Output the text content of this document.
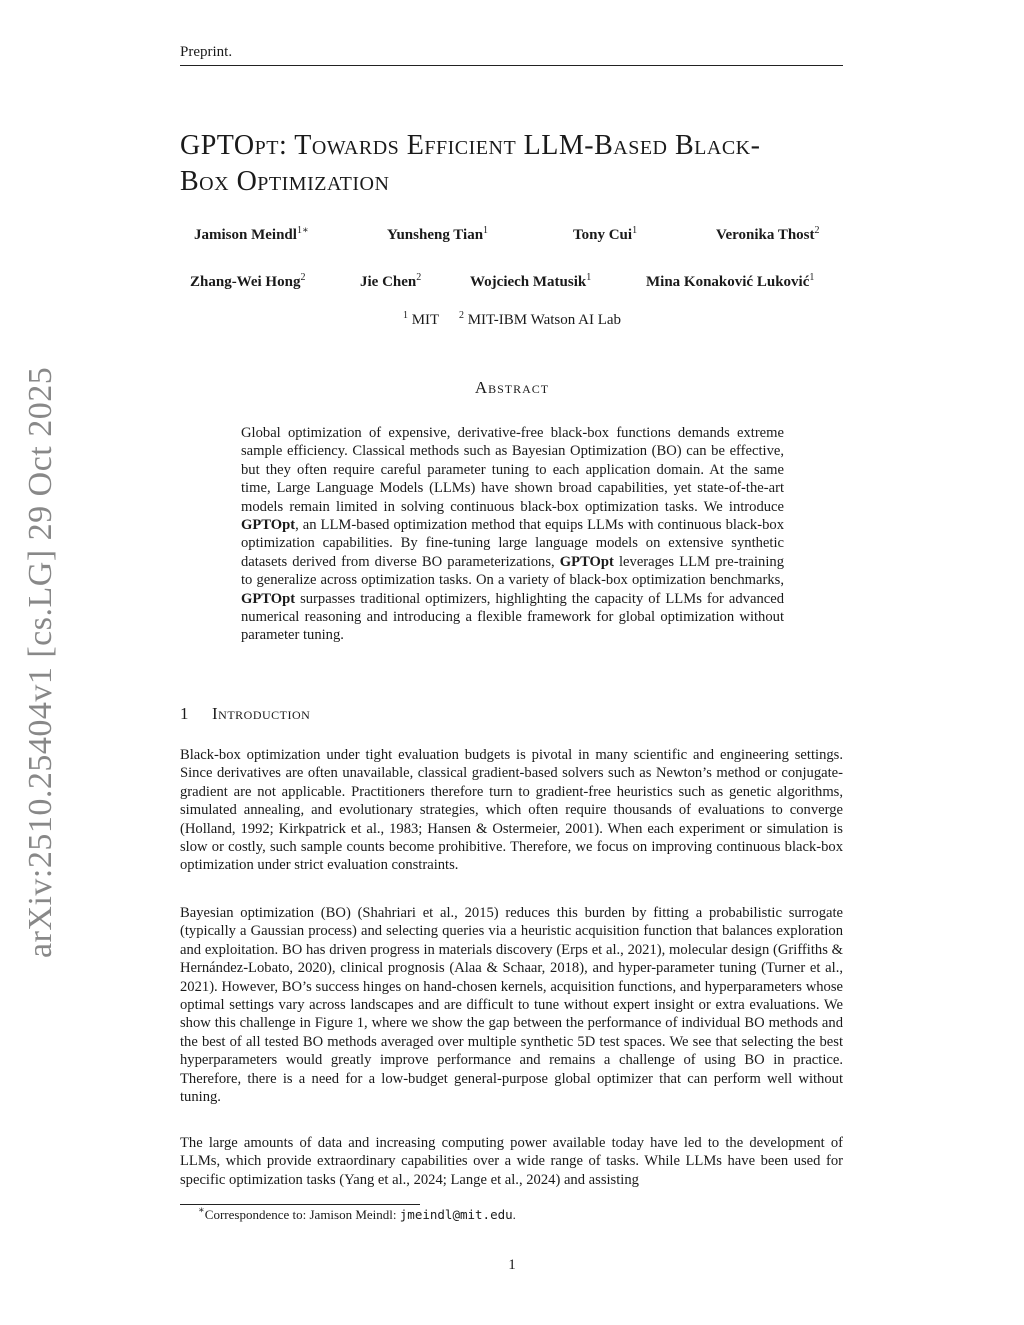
Preprint.
arXiv:2510.25404v1 [cs.LG] 29 Oct 2025
GPTOpt: Towards Efficient LLM-Based Black-
Box Optimization
Jamison Meindl$^{1∗}$	Yunsheng Tian$^1$	Tony Cui$^1$	Veronika Thost$^2$
Zhang-Wei Hong$^2$	Jie Chen$^2$	Wojciech Matusik$^1$	Mina Konaković Luković$^1$
$^1$ MIT $^2$ MIT-IBM Watson AI Lab
Abstract
Global optimization of expensive, derivative-free black-box functions demands extreme sample efficiency. Classical methods such as Bayesian Optimization (BO) can be effective, but they often require careful parameter tuning to each application domain. At the same time, Large Language Models (LLMs) have shown broad capabilities, yet state-of-the-art models remain limited in solving continuous black-box optimization tasks. We introduce GPTOpt, an LLM-based optimization method that equips LLMs with continuous black-box optimization capabilities. By fine-tuning large language models on extensive synthetic datasets derived from diverse BO parameterizations, GPTOpt leverages LLM pre-training to generalize across optimization tasks. On a variety of black-box optimization benchmarks, GPTOpt surpasses traditional optimizers, highlighting the capacity of LLMs for advanced numerical reasoning and introducing a flexible framework for global optimization without parameter tuning.
1 Introduction
Black-box optimization under tight evaluation budgets is pivotal in many scientific and engineering settings. Since derivatives are often unavailable, classical gradient-based solvers such as Newton’s method or conjugate-gradient are not applicable. Practitioners therefore turn to gradient-free heuristics such as genetic algorithms, simulated annealing, and evolutionary strategies, which often require thousands of evaluations to converge (Holland, 1992; Kirkpatrick et al., 1983; Hansen & Ostermeier, 2001). When each experiment or simulation is slow or costly, such sample counts become prohibitive. Therefore, we focus on improving continuous black-box optimization under strict evaluation constraints.
Bayesian optimization (BO) (Shahriari et al., 2015) reduces this burden by fitting a probabilistic surrogate (typically a Gaussian process) and selecting queries via a heuristic acquisition function that balances exploration and exploitation. BO has driven progress in materials discovery (Erps et al., 2021), molecular design (Griffiths & Hernández-Lobato, 2020), clinical prognosis (Alaa & Schaar, 2018), and hyper-parameter tuning (Turner et al., 2021). However, BO’s success hinges on hand-chosen kernels, acquisition functions, and hyperparameters whose optimal settings vary across landscapes and are difficult to tune without expert insight or extra evaluations. We show this challenge in Figure 1, where we show the gap between the performance of individual BO methods and the best of all tested BO methods averaged over multiple synthetic 5D test spaces. We see that selecting the best hyperparameters would greatly improve performance and remains a challenge of using BO in practice. Therefore, there is a need for a low-budget general-purpose global optimizer that can perform well without tuning.
The large amounts of data and increasing computing power available today have led to the development of LLMs, which provide extraordinary capabilities over a wide range of tasks. While LLMs have been used for specific optimization tasks (Yang et al., 2024; Lange et al., 2024) and assisting
∗Correspondence to: Jamison Meindl: jmeindl@mit.edu.
1
